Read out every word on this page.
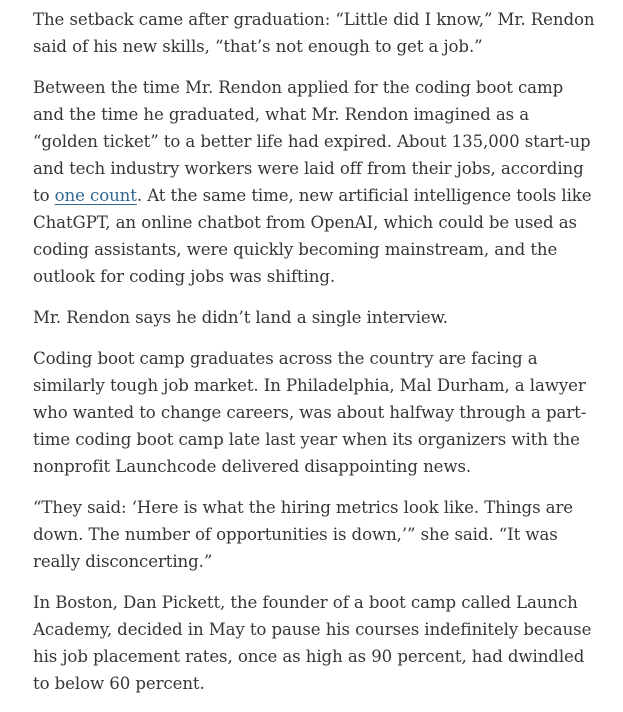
The setback came after graduation: “Little did I know,” Mr. Rendon said of his new skills, “that’s not enough to get a job.”

Between the time Mr. Rendon applied for the coding boot camp and the time he graduated, what Mr. Rendon imagined as a “golden ticket” to a better life had expired. About 135,000 start-up and tech industry workers were laid off from their jobs, according to one count. At the same time, new artificial intelligence tools like ChatGPT, an online chatbot from OpenAI, which could be used as coding assistants, were quickly becoming mainstream, and the outlook for coding jobs was shifting.

Mr. Rendon says he didn’t land a single interview.

Coding boot camp graduates across the country are facing a similarly tough job market. In Philadelphia, Mal Durham, a lawyer who wanted to change careers, was about halfway through a part-time coding boot camp late last year when its organizers with the nonprofit Launchcode delivered disappointing news.

“They said: ‘Here is what the hiring metrics look like. Things are down. The number of opportunities is down,’” she said. “It was really disconcerting.”

In Boston, Dan Pickett, the founder of a boot camp called Launch Academy, decided in May to pause his courses indefinitely because his job placement rates, once as high as 90 percent, had dwindled to below 60 percent.
